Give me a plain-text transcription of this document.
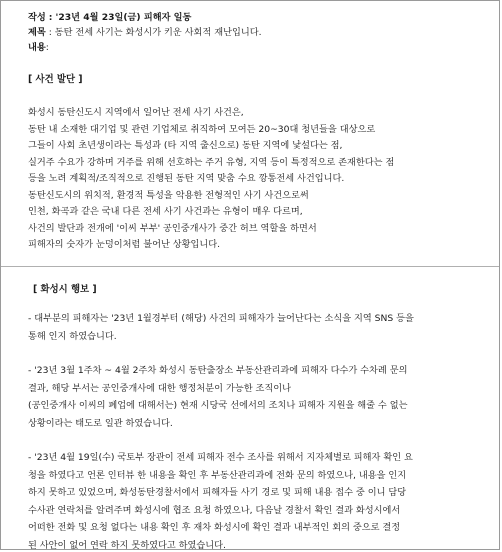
작성 : '23년 4월 23일(금) 피해자 일동
제목 : 동탄 전세 사기는 화성시가 키운 사회적 재난입니다.
내용:
[ 사건 발단 ]

화성시 동탄신도시 지역에서 일어난 전세 사기 사건은,

동탄 내 소재한 대기업 및 관련 기업체로 취직하여 모여든 20~30대 청년들을 대상으로

그들이 사회 초년생이라는 특성과 (타 지역 출신으로) 동탄 지역에 낯설다는 점,

실거주 수요가 강하며 거주를 위해 선호하는 주거 유형, 지역 등이 특정적으로 존재한다는 점

등을 노려 계획적/조직적으로 진행된 동탄 지역 맞춤 수요 깡통전세 사건입니다.

동탄신도시의 위치적, 환경적 특성을 악용한 전형적인 사기 사건으로써

인천, 화곡과 같은 국내 다른 전세 사기 사건과는 유형이 매우 다르며,

사건의 발단과 전개에 '이씨 부부' 공인중개사가 중간 허브 역할을 하면서

피해자의 숫자가 눈덩이처럼 불어난 상황입니다.

[ 화성시 행보 ]

- 대부분의 피해자는 '23년 1월경부터 (해당) 사건의 피해자가 늘어난다는 소식을 지역 SNS 등을

통해 인지 하였습니다.

- '23년 3월 1주차 ~ 4월 2주차 화성시 동탄출장소 부동산관리과에 피해자 다수가 수차례 문의

결과, 해당 부서는 공인중개사에 대한 행정처분이 가능한 조직이나

(공인중개사 이씨의 폐업에 대해서는) 현재 시당국 선에서의 조치나 피해자 지원을 해줄 수 없는

상황이라는 태도로 일관 하였습니다.

- '23년 4월 19일(수) 국토부 장관이 전세 피해자 전수 조사를 위해서 지자체별로 피해자 확인 요

청을 하였다고 언론 인터뷰 한 내용을 확인 후 부동산관리과에 전화 문의 하였으나, 내용을 인지

하지 못하고 있었으며, 화성동탄경찰서에서 피해자들 사기 경로 및 피해 내용 접수 중 이니 담당

수사관 연락처를 알려주며 화성시에 협조 요청 하였으나, 다음날 경찰서 확인 결과 화성시에서

어떠한 전화 및 요청 없다는 내용 확인 후 재차 화성시에 확인 결과 내부적인 회의 중으로 결정

된 사안이 없어 연락 하지 못하였다고 하였습니다.
